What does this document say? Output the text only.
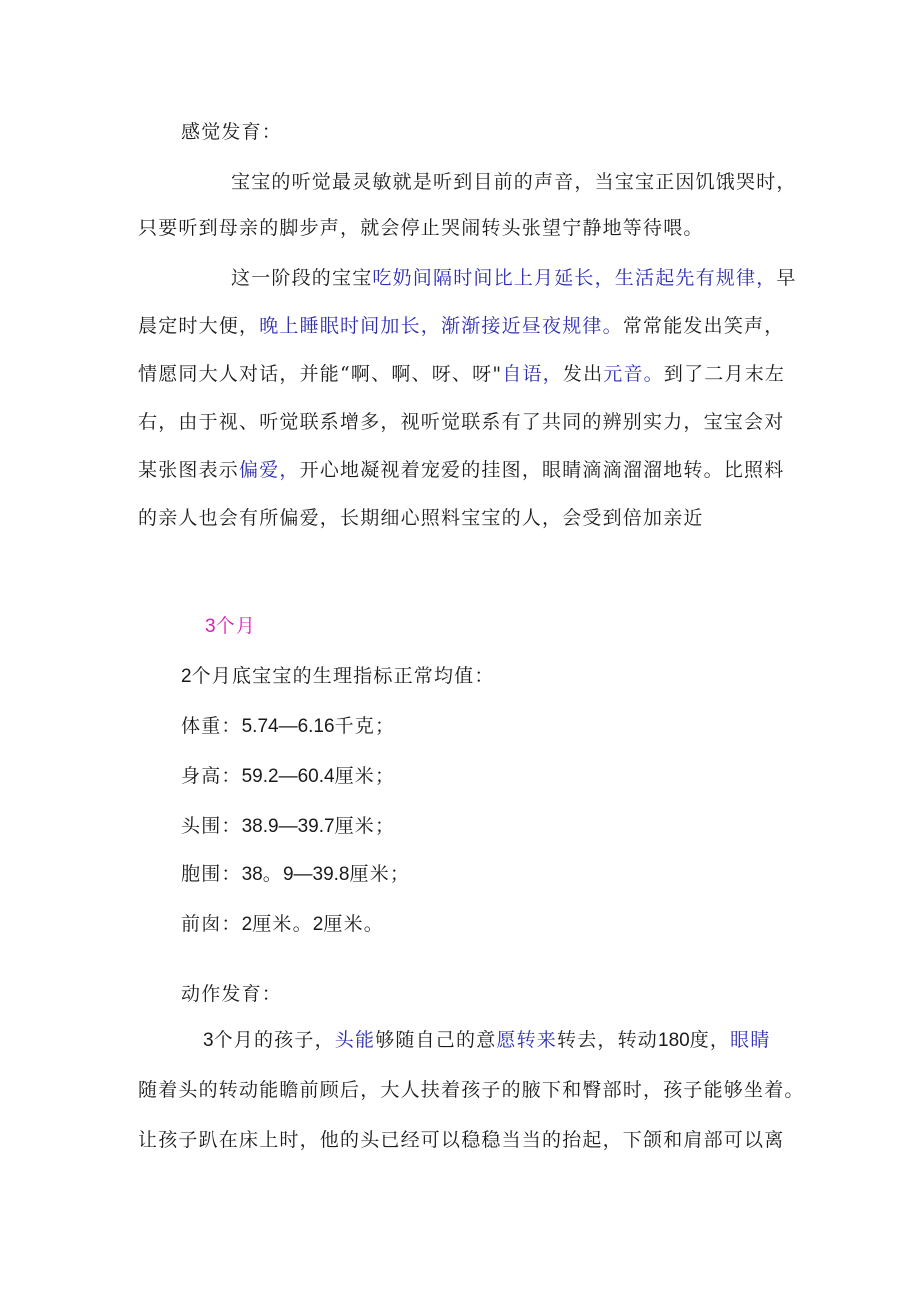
感觉发育：
宝宝的听觉最灵敏就是听到目前的声音，当宝宝正因饥饿哭时，
只要听到母亲的脚步声，就会停止哭闹转头张望宁静地等待喂。
这一阶段的宝宝吃奶间隔时间比上月延长，生活起先有规律，早
晨定时大便，晚上睡眠时间加长，渐渐接近昼夜规律。常常能发出笑声，
情愿同大人对话，并能“啊、啊、呀、呀"自语，发出元音。到了二月末左
右，由于视、听觉联系增多，视听觉联系有了共同的辨别实力，宝宝会对
某张图表示偏爱，开心地凝视着宠爱的挂图，眼睛滴滴溜溜地转。比照料
的亲人也会有所偏爱，长期细心照料宝宝的人，会受到倍加亲近
3个月
2个月底宝宝的生理指标正常均值：
体重：5.74—6.16千克；
身高：59.2—60.4厘米；
头围：38.9—39.7厘米；
胞围：38。9—39.8厘米；
前囱：2厘米。2厘米。
动作发育：
3个月的孩子，头能够随自己的意愿转来转去，转动180度，眼睛
随着头的转动能瞻前顾后，大人扶着孩子的腋下和臀部时，孩子能够坐着。
让孩子趴在床上时，他的头已经可以稳稳当当的抬起，下颌和肩部可以离
